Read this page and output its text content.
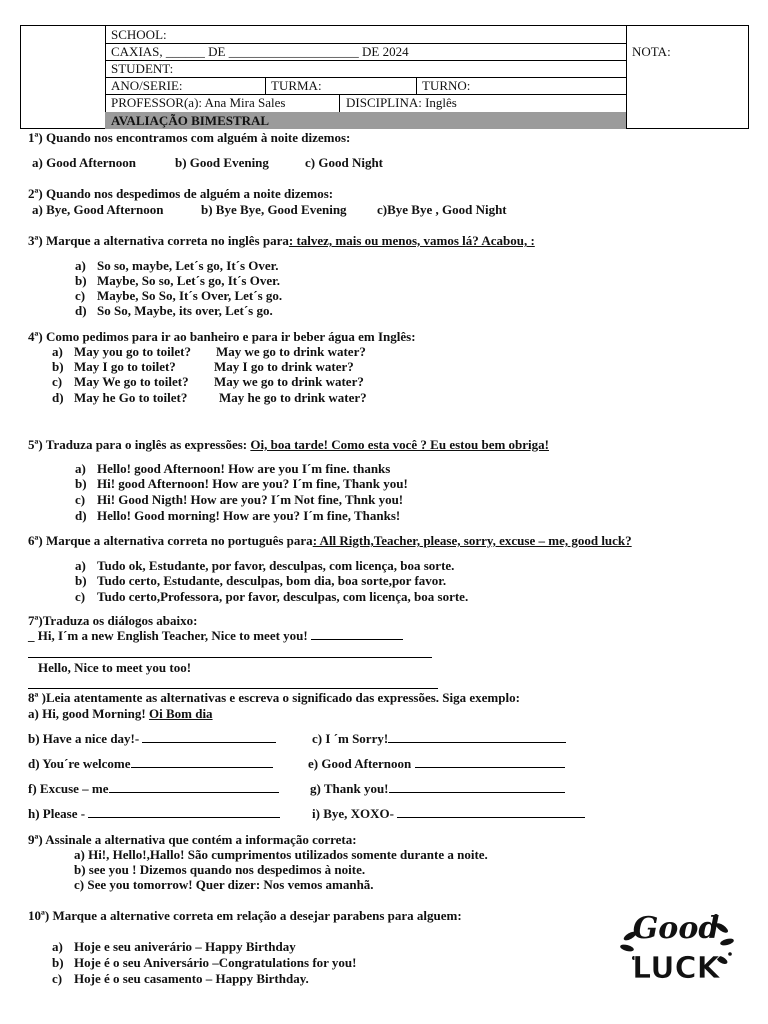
SCHOOL:
CAXIAS, ______ DE ____________________ DE 2024
STUDENT:
ANO/SERIE:	TURMA:	TURNO:
PROFESSOR(a): Ana Mira Sales	DISCIPLINA: Inglês
AVALIAÇÃO BIMESTRAL
NOTA:
1ª) Quando nos encontramos com alguém à noite dizemos:
a) Good Afternoon	b) Good Evening	c) Good Night
2ª) Quando nos despedimos de alguém a noite dizemos:
a) Bye, Good Afternoon	b) Bye Bye, Good Evening c)Bye Bye , Good Night
3ª) Marque a alternativa correta no inglês para: talvez, mais ou menos, vamos lá? Acabou, :
a) So so, maybe, Let´s go, It´s Over.
b) Maybe, So so, Let´s go, It´s Over.
c) Maybe, So So, It´s Over, Let´s go.
d) So So, Maybe, its over, Let´s go.
4ª) Como pedimos para ir ao banheiro e para ir beber água em Inglês:
a) May you go to toilet? May we go to drink water?
b) May I go to toilet?	May I go to drink water?
c) May We go to toilet? May we go to drink water?
d) May he Go to toilet? May he go to drink water?
5ª) Traduza para o inglês as expressões: Oi, boa tarde! Como esta você ? Eu estou bem obriga!
a) Hello! good Afternoon! How are you I´m fine. thanks
b) Hi! good Afternoon! How are you? I´m fine, Thank you!
c) Hi! Good Nigth! How are you? I´m Not fine, Thnk you!
d) Hello! Good morning! How are you? I´m fine, Thanks!
6ª) Marque a alternativa correta no português para: All Rigth,Teacher, please, sorry, excuse – me, good luck?
a) Tudo ok, Estudante, por favor, desculpas, com licença, boa sorte.
b) Tudo certo, Estudante, desculpas, bom dia, boa sorte,por favor.
c) Tudo certo,Professora, por favor, desculpas, com licença, boa sorte.
7ª)Traduza os diálogos abaixo:
_ Hi, I´m a new English Teacher, Nice to meet you!
Hello, Nice to meet you too!
8ª )Leia atentamente as alternativas e escreva o significado das expressões. Siga exemplo:
a) Hi, good Morning! Oi Bom dia
b) Have a nice day!-	c) I ´m Sorry!
d) You´re welcome	e) Good Afternoon
f) Excuse – me	g) Thank you!
h) Please -	i) Bye, XOXO-
9ª) Assinale a alternativa que contém a informação correta:
a) Hi!, Hello!,Hallo! São cumprimentos utilizados somente durante a noite.
b) see you ! Dizemos quando nos despedimos à noite.
c) See you tomorrow! Quer dizer: Nos vemos amanhã.
10ª) Marque a alternative correta em relação a desejar parabens para alguem:
a) Hoje e seu aniverário – Happy Birthday
b) Hoje é o seu Aniversário –Congratulations for you!
c) Hoje é o seu casamento – Happy Birthday.
Good
LUCK
